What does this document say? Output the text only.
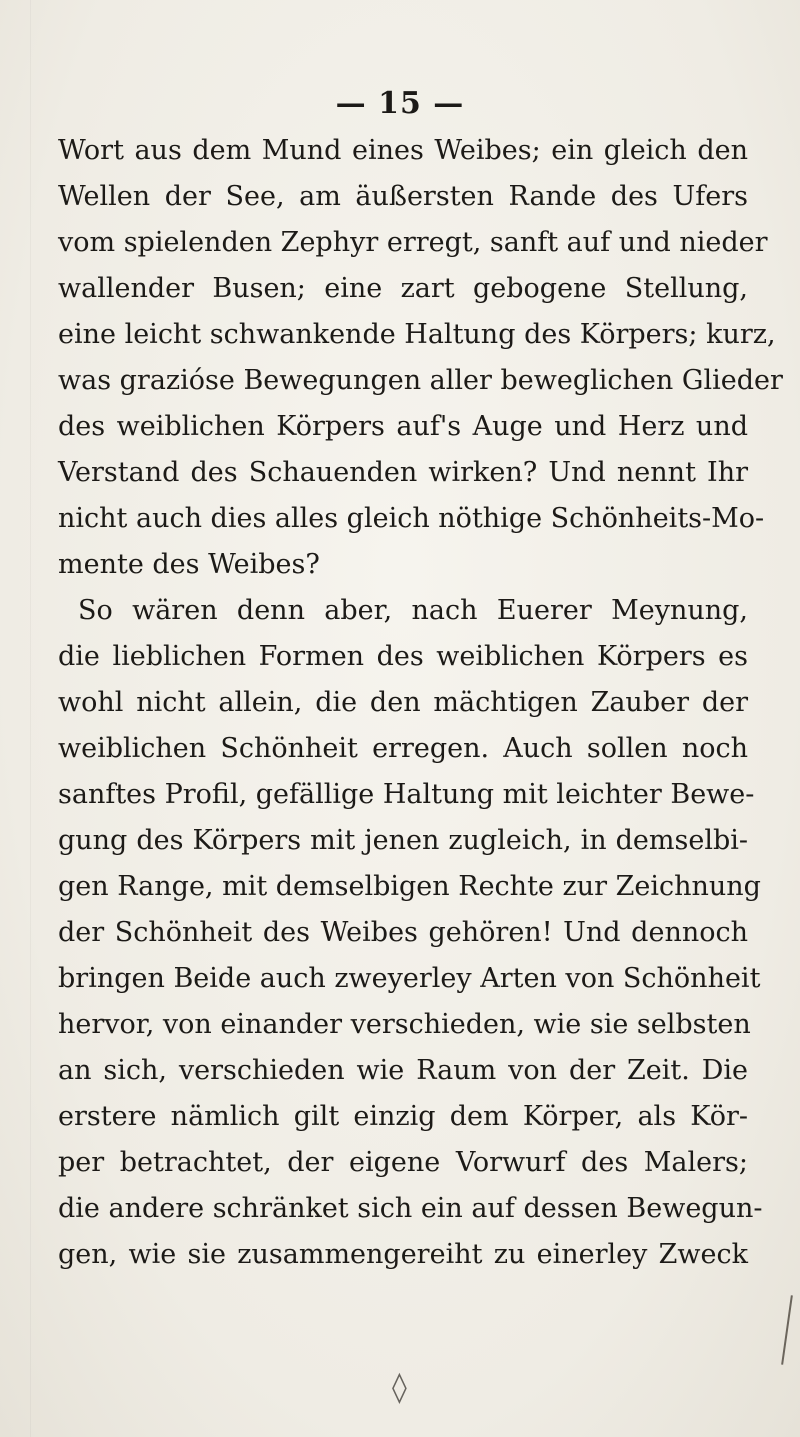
— 15 —
Wort aus dem Mund eines Weibes; ein gleich den
Wellen der See, am äußersten Rande des Ufers
vom spielenden Zephyr erregt, sanft auf und nieder
wallender Busen; eine zart gebogene Stellung,
eine leicht schwankende Haltung des Körpers; kurz,
was grazióse Bewegungen aller beweglichen Glieder
des weiblichen Körpers auf's Auge und Herz und
Verstand des Schauenden wirken? Und nennt Ihr
nicht auch dies alles gleich nöthige Schönheits-Mo-
mente des Weibes?
So wären denn aber, nach Euerer Meynung,
die lieblichen Formen des weiblichen Körpers es
wohl nicht allein, die den mächtigen Zauber der
weiblichen Schönheit erregen. Auch sollen noch
sanftes Profil, gefällige Haltung mit leichter Bewe-
gung des Körpers mit jenen zugleich, in demselbi-
gen Range, mit demselbigen Rechte zur Zeichnung
der Schönheit des Weibes gehören! Und dennoch
bringen Beide auch zweyerley Arten von Schönheit
hervor, von einander verschieden, wie sie selbsten
an sich, verschieden wie Raum von der Zeit. Die
erstere nämlich gilt einzig dem Körper, als Kör-
per betrachtet, der eigene Vorwurf des Malers;
die andere schränket sich ein auf dessen Bewegun-
gen, wie sie zusammengereiht zu einerley Zweck
◊
